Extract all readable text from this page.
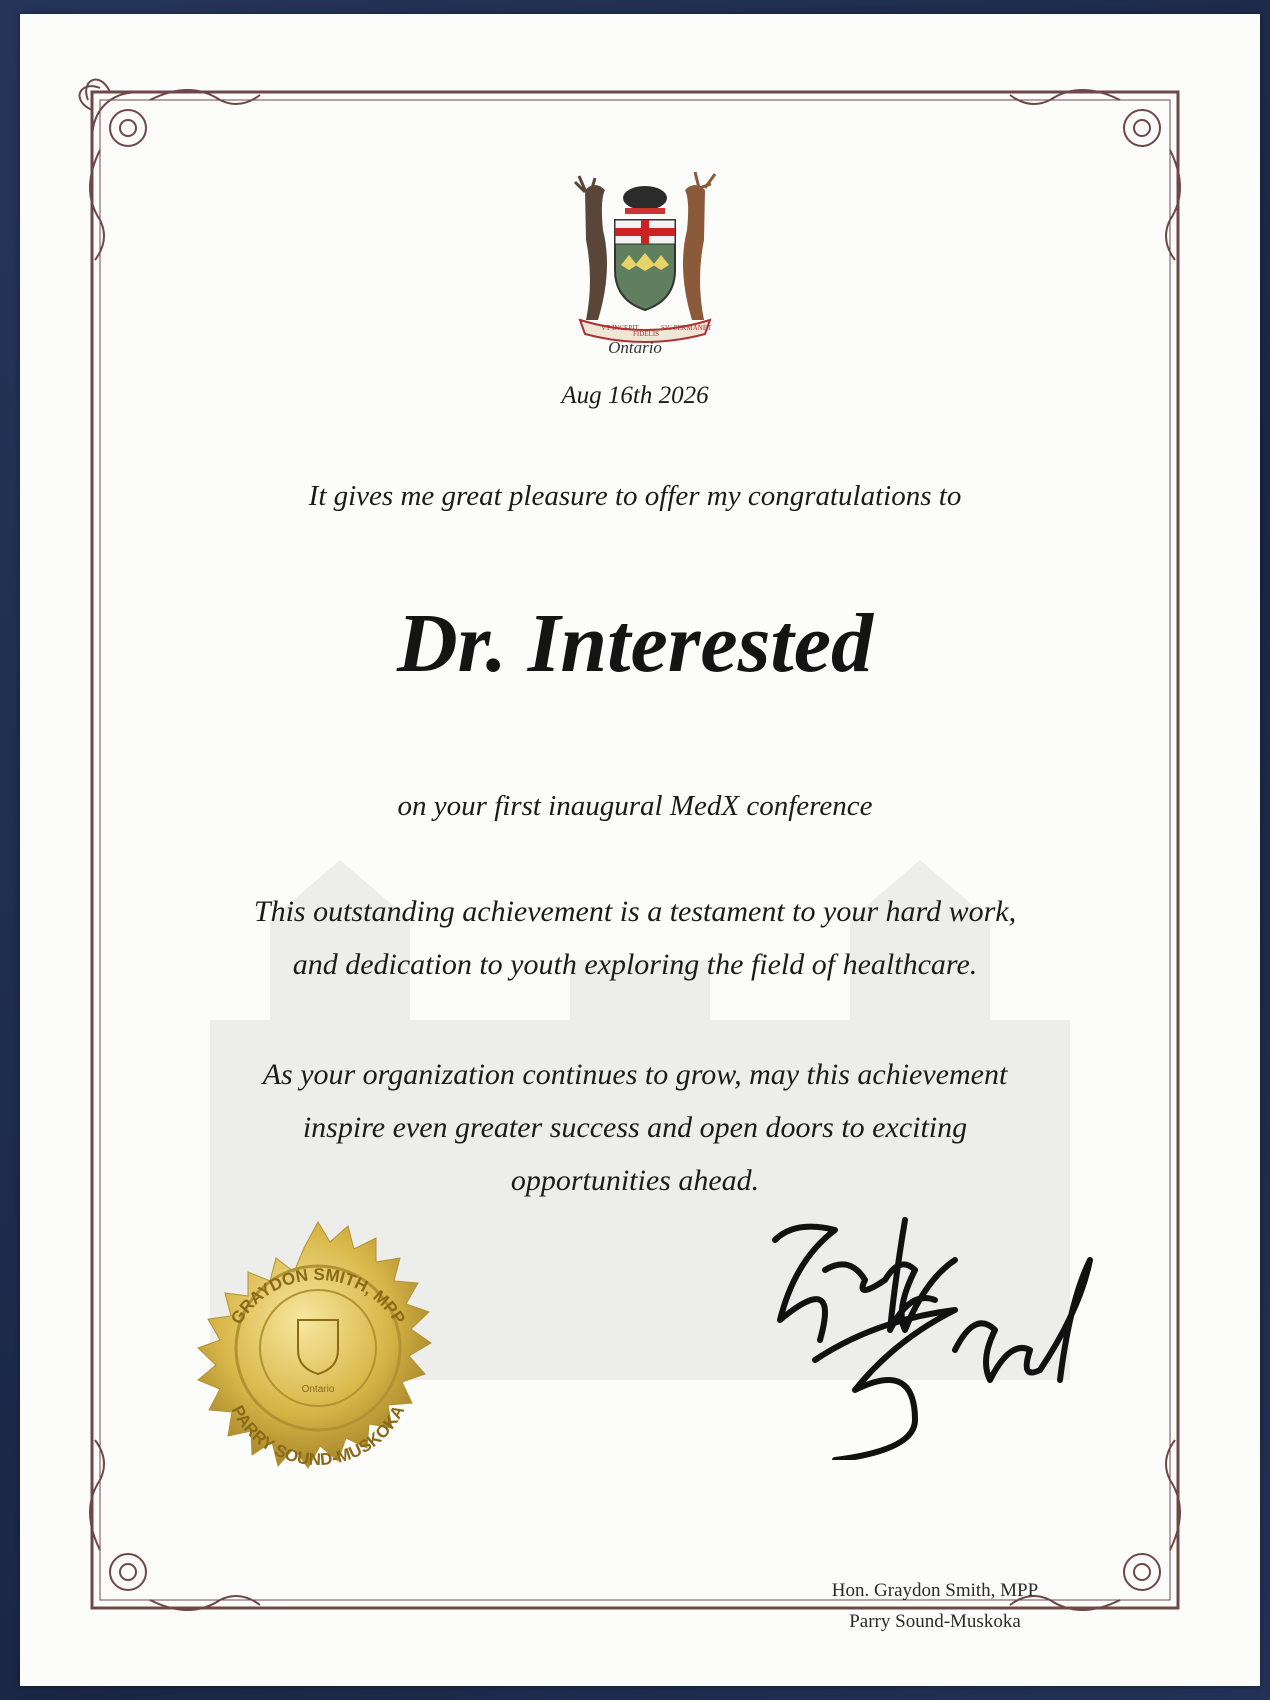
VT INCEPIT
FIDELIS
SIC PERMANET
Ontario
Aug 16th 2026
It gives me great pleasure to offer my congratulations to
Dr. Interested
on your first inaugural MedX conference
This outstanding achievement is a testament to your hard work,
and dedication to youth exploring the field of healthcare.
As your organization continues to grow, may this achievement
inspire even greater success and open doors to exciting
opportunities ahead.
GRAYDON SMITH, MPP
PARRY SOUND-MUSKOKA
Ontario
Hon. Graydon Smith, MPP
Parry Sound-Muskoka
